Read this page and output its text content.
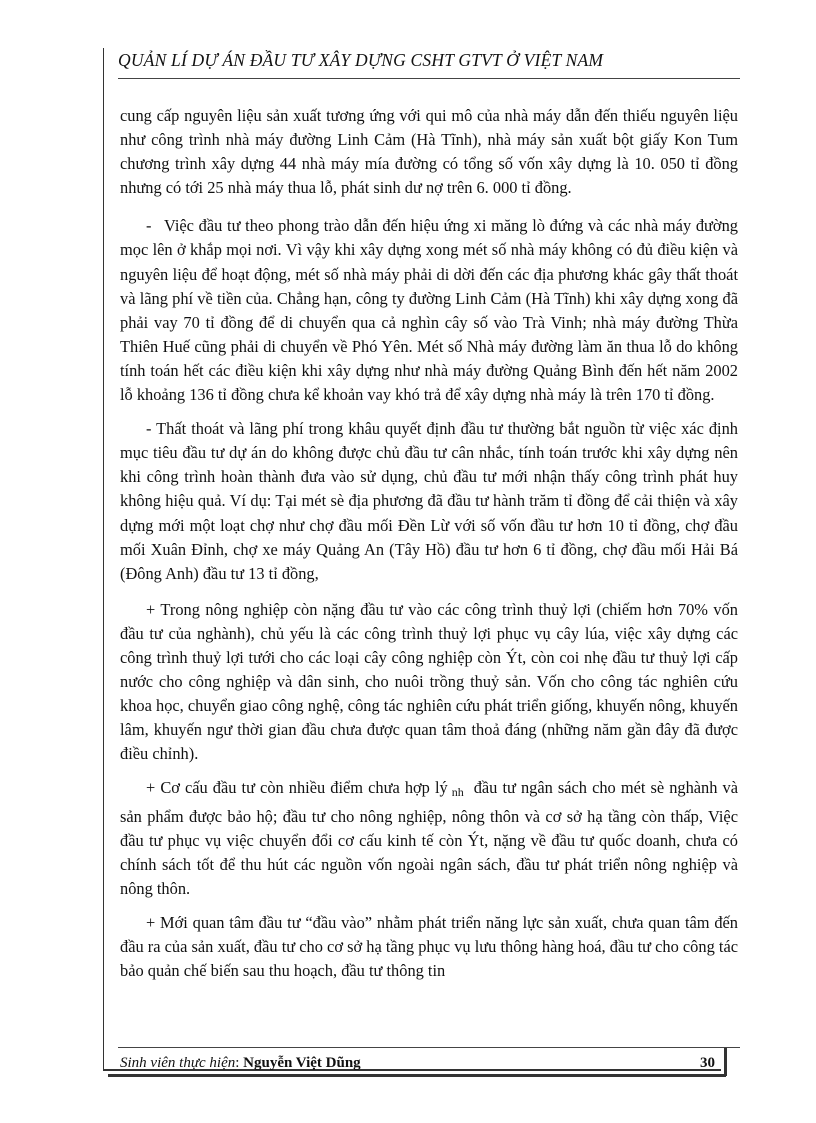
QUẢN LÍ DỰ ÁN ĐẦU TƯ XÂY DỰNG CSHT GTVT Ở VIỆT NAM

cung cấp nguyên liệu sản xuất tương ứng với qui mô của nhà máy dẫn đến thiếu nguyên liệu như công trình nhà máy đường Linh Cảm (Hà Tĩnh), nhà máy sản xuất bột giấy Kon Tum chương trình xây dựng 44 nhà máy mía đường có tổng số vốn xây dựng là 10. 050 tỉ đồng nhưng có tới 25 nhà máy thua lỗ, phát sinh dư nợ trên 6. 000 tỉ đồng.

- Việc đầu tư theo phong trào dẫn đến hiệu ứng xi măng lò đứng và các nhà máy đường mọc lên ở khắp mọi nơi. Vì vậy khi xây dựng xong mét số nhà máy không có đủ điều kiện và nguyên liệu để hoạt động, mét số nhà máy phải di dời đến các địa phương khác gây thất thoát và lãng phí về tiền của. Chẳng hạn, công ty đường Linh Cảm (Hà Tĩnh) khi xây dựng xong đã phải vay 70 tỉ đồng để di chuyển qua cả nghìn cây số vào Trà Vinh; nhà máy đường Thừa Thiên Huế cũng phải di chuyển về Phó Yên. Mét số Nhà máy đường làm ăn thua lỗ do không tính toán hết các điều kiện khi xây dựng như nhà máy đường Quảng Bình đến hết năm 2002 lỗ khoảng 136 tỉ đồng chưa kể khoản vay khó trả để xây dựng nhà máy là trên 170 tỉ đồng.

- Thất thoát và lãng phí trong khâu quyết định đầu tư thường bắt nguồn từ việc xác định mục tiêu đầu tư dự án do không được chủ đầu tư cân nhắc, tính toán trước khi xây dựng nên khi công trình hoàn thành đưa vào sử dụng, chủ đầu tư mới nhận thấy công trình phát huy không hiệu quả. Ví dụ: Tại mét sè địa phương đã đầu tư hành trăm tỉ đồng để cải thiện và xây dựng mới một loạt chợ như chợ đầu mối Đền Lừ với số vốn đầu tư hơn 10 tỉ đồng, chợ đầu mối Xuân Đỉnh, chợ xe máy Quảng An (Tây Hồ) đầu tư hơn 6 tỉ đồng, chợ đầu mối Hải Bá (Đông Anh) đầu tư 13 tỉ đồng,

+ Trong nông nghiệp còn nặng đầu tư vào các công trình thuỷ lợi (chiếm hơn 70% vốn đầu tư của nghành), chủ yếu là các công trình thuỷ lợi phục vụ cây lúa, việc xây dựng các công trình thuỷ lợi tưới cho các loại cây công nghiệp còn Ýt, còn coi nhẹ đầu tư thuỷ lợi cấp nước cho công nghiệp và dân sinh, cho nuôi trồng thuỷ sản. Vốn cho công tác nghiên cứu khoa học, chuyển giao công nghệ, công tác nghiên cứu phát triển giống, khuyến nông, khuyến lâm, khuyến ngư thời gian đầu chưa được quan tâm thoả đáng (những năm gần đây đã được điều chỉnh).

+ Cơ cấu đầu tư còn nhiều điểm chưa hợp lý nh đầu tư ngân sách cho mét sè nghành và sản phẩm được bảo hộ; đầu tư cho nông nghiệp, nông thôn và cơ sở hạ tầng còn thấp, Việc đầu tư phục vụ việc chuyển đổi cơ cấu kinh tế còn Ýt, nặng về đầu tư quốc doanh, chưa có chính sách tốt để thu hút các nguồn vốn ngoài ngân sách, đầu tư phát triển nông nghiệp và nông thôn.

+ Mới quan tâm đầu tư “đầu vào” nhằm phát triển năng lực sản xuất, chưa quan tâm đến đầu ra của sản xuất, đầu tư cho cơ sở hạ tầng phục vụ lưu thông hàng hoá, đầu tư cho công tác bảo quản chế biến sau thu hoạch, đầu tư thông tin

Sinh viên thực hiện: Nguyễn Việt Dũng	30
